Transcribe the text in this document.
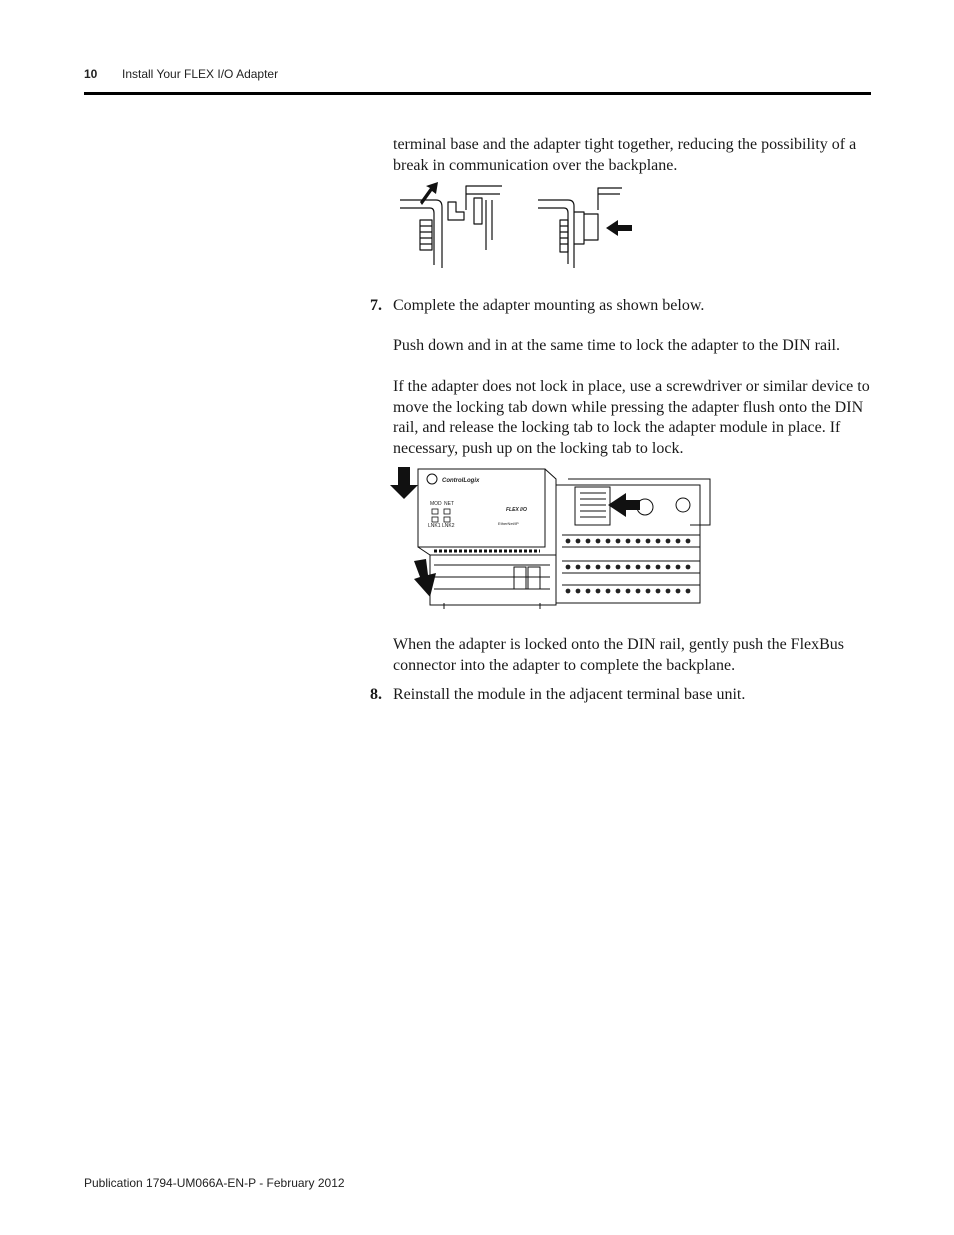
10 Install Your FLEX I/O Adapter
terminal base and the adapter tight together, reducing the possibility of a
break in communication over the backplane.
7. Complete the adapter mounting as shown below.
Push down and in at the same time to lock the adapter to the DIN rail.
If the adapter does not lock in place, use a screwdriver or similar device to
move the locking tab down while pressing the adapter flush onto the DIN
rail, and release the locking tab to lock the adapter module in place. If
necessary, push up on the locking tab to lock.
ControlLogix
FLEX I/O
MOD NET
LNK1 LNK2	EtherNet/IP
When the adapter is locked onto the DIN rail, gently push the FlexBus
connector into the adapter to complete the backplane.
8. Reinstall the module in the adjacent terminal base unit.
Publication 1794-UM066A-EN-P - February 2012
